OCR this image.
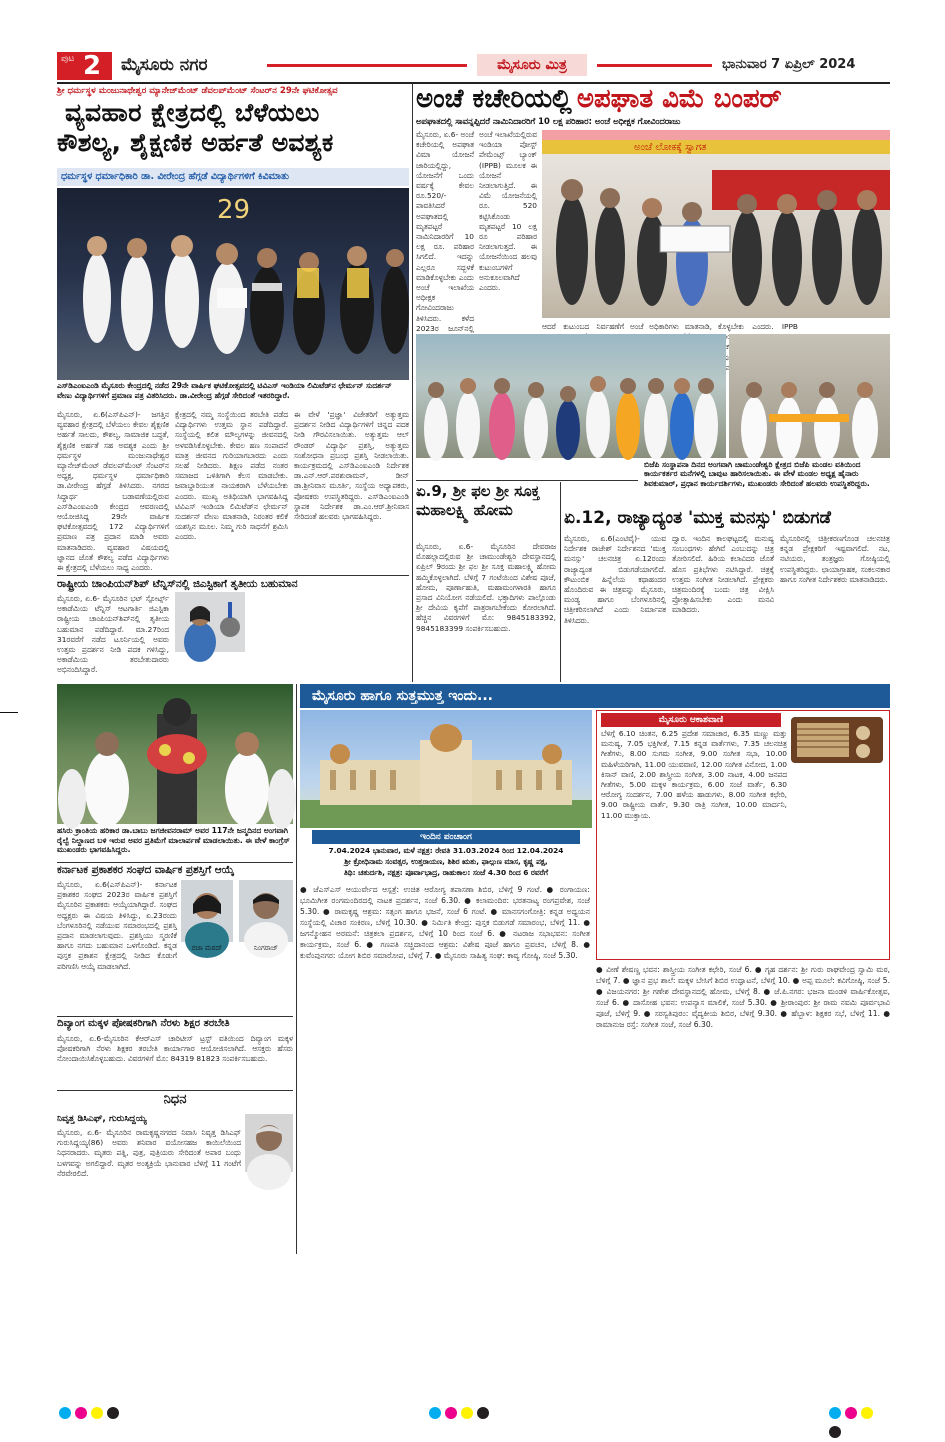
ಪುಟ 2 ಮೈಸೂರು ನಗರ	ಮೈಸೂರು ಮಿತ್ರ	ಭಾನುವಾರ 7 ಏಪ್ರಿಲ್ 2024
ಶ್ರೀ ಧರ್ಮಸ್ಥಳ ಮಂಜುನಾಥೇಶ್ವರ ಮ್ಯಾನೇಜ್‌ಮೆಂಟ್ ಡೆವಲಪ್‌ಮೆಂಟ್ ಸೆಂಟರ್‌ನ 29ನೇ ಘಟಿಕೋತ್ಸವ
ವ್ಯವಹಾರ ಕ್ಷೇತ್ರದಲ್ಲಿ ಬೆಳೆಯಲು
ಕೌಶಲ್ಯ, ಶೈಕ್ಷಣಿಕ ಅರ್ಹತೆ ಅವಶ್ಯಕ
ಧರ್ಮಸ್ಥಳ ಧರ್ಮಾಧಿಕಾರಿ ಡಾ. ವೀರೇಂದ್ರ ಹೆಗ್ಗಡೆ ವಿದ್ಯಾರ್ಥಿಗಳಿಗೆ ಕಿವಿಮಾತು
29
ಎಸ್‌ಡಿಎಂಐಎಂಡಿ ಮೈಸೂರು ಕೇಂದ್ರದಲ್ಲಿ ನಡೆದ 29ನೇ ವಾರ್ಷಿಕ ಘಟಿಕೋತ್ಸವದಲ್ಲಿ ಟಿವಿಎಸ್ ಇಂಡಿಯಾ ಲಿಮಿಟೆಡ್‌ನ ಛೇರ್ಮನ್ ಸುದರ್ಶನ್ ವೇಣು ವಿದ್ಯಾರ್ಥಿಗಳಿಗೆ ಪ್ರಮಾಣ ಪತ್ರ ವಿತರಿಸಿದರು. ಡಾ.ವೀರೇಂದ್ರ ಹೆಗ್ಗಡೆ ಸೇರಿದಂತೆ ಇತರರಿದ್ದಾರೆ.
ಮೈಸೂರು, ಏ.6(ಎಸ್‌ಪಿಎನ್)- ಜಗತ್ತಿನ ವ್ಯವಹಾರ ಕ್ಷೇತ್ರದಲ್ಲಿ ಬೆಳೆಯಲು ಕೇವಲ ಶೈಕ್ಷಣಿಕ ಅರ್ಹತೆ ಸಾಲದು, ಕೌಶಲ್ಯ, ಸಾಮಾಜಿಕ ಬದ್ಧತೆ, ಶೈಕ್ಷಣಿಕ ಅರ್ಹತೆ ಸಹ ಅವಶ್ಯಕ ಎಂದು ಶ್ರೀ ಧರ್ಮಸ್ಥಳ ಮಂಜುನಾಥೇಶ್ವರ ಮ್ಯಾನೇಜ್‌ಮೆಂಟ್ ಡೆವಲಪ್‌ಮೆಂಟ್ ಸೆಂಟರ್‌ನ ಅಧ್ಯಕ್ಷ, ಧರ್ಮಸ್ಥಳ ಧರ್ಮಾಧಿಕಾರಿ ಡಾ.ವೀರೇಂದ್ರ ಹೆಗ್ಗಡೆ ತಿಳಿಸಿದರು. ನಗರದ ಸಿದ್ದಾರ್ಥ ಬಡಾವಣೆಯಲ್ಲಿರುವ ಎಸ್‌ಡಿಎಂಐಎಂಡಿ ಕೇಂದ್ರದ ಆವರಣದಲ್ಲಿ ಆಯೋಜಿಸಿದ್ದ 29ನೇ ವಾರ್ಷಿಕ ಘಟಿಕೋತ್ಸವದಲ್ಲಿ 172 ವಿದ್ಯಾರ್ಥಿಗಳಿಗೆ ಪ್ರಮಾಣ ಪತ್ರ ಪ್ರದಾನ ಮಾಡಿ ಅವರು ಮಾತನಾಡಿದರು. ವ್ಯವಹಾರ ವಿಷಯದಲ್ಲಿ ಜ್ಞಾನದ ಜೊತೆ ಕೌಶಲ್ಯ ಪಡೆದ ವಿದ್ಯಾರ್ಥಿಗಳು ಈ ಕ್ಷೇತ್ರದಲ್ಲಿ ಬೆಳೆಯಲು ಸಾಧ್ಯ ಎಂದರು.
ಕ್ಷೇತ್ರದಲ್ಲಿ ನಮ್ಮ ಸಂಸ್ಥೆಯಿಂದ ತರಬೇತಿ ಪಡೆದ ವಿದ್ಯಾರ್ಥಿಗಳು ಉತ್ತಮ ಸ್ಥಾನ ಪಡೆದಿದ್ದಾರೆ. ಸಂಸ್ಥೆಯಲ್ಲಿ ಕಲಿತ ಮೌಲ್ಯಗಳನ್ನು ಜೀವನದಲ್ಲಿ ಅಳವಡಿಸಿಕೊಳ್ಳಬೇಕು. ಕೇವಲ ಹಣ ಸಂಪಾದನೆ ಮಾತ್ರ ಜೀವನದ ಗುರಿಯಾಗಬಾರದು ಎಂದು ಸಲಹೆ ನೀಡಿದರು. ಶಿಕ್ಷಣ ಪಡೆದ ನಂತರ ಸಮಾಜದ ಒಳಿತಿಗಾಗಿ ಕೆಲಸ ಮಾಡಬೇಕು. ಜವಾಬ್ದಾರಿಯುತ ನಾಯಕರಾಗಿ ಬೆಳೆಯಬೇಕು ಎಂದರು. ಮುಖ್ಯ ಅತಿಥಿಯಾಗಿ ಭಾಗವಹಿಸಿದ್ದ ಟಿವಿಎಸ್ ಇಂಡಿಯಾ ಲಿಮಿಟೆಡ್‌ನ ಛೇರ್ಮನ್ ಸುದರ್ಶನ್ ವೇಣು ಮಾತನಾಡಿ, ನಿರಂತರ ಕಲಿಕೆ ಯಶಸ್ಸಿನ ಮೂಲ. ನಿಮ್ಮ ಗುರಿ ಸಾಧನೆಗೆ ಶ್ರಮಿಸಿ ಎಂದರು.
ಈ ವೇಳೆ 'ಪ್ರಜ್ಞಾ' ವಿಜೇತರಿಗೆ ಅತ್ಯುತ್ತಮ ಪ್ರದರ್ಶನ ನೀಡಿದ ವಿದ್ಯಾರ್ಥಿಗಳಿಗೆ ಚಿನ್ನದ ಪದಕ ನೀಡಿ ಗೌರವಿಸಲಾಯಿತು. ಅತ್ಯುತ್ತಮ ಆಲ್ ರೌಂಡರ್ ವಿದ್ಯಾರ್ಥಿ ಪ್ರಶಸ್ತಿ, ಅತ್ಯುತ್ತಮ ಸಂಶೋಧನಾ ಪ್ರಬಂಧ ಪ್ರಶಸ್ತಿ ನೀಡಲಾಯಿತು. ಕಾರ್ಯಕ್ರಮದಲ್ಲಿ ಎಸ್‌ಡಿಎಂಐಎಂಡಿ ನಿರ್ದೇಶಕ ಡಾ.ಎನ್.ಆರ್.ಪರಶುರಾಮನ್, ಡೀನ್ ಡಾ.ಶ್ರೀನಿವಾಸ ಮೂರ್ತಿ, ಸಂಸ್ಥೆಯ ಅಧ್ಯಾಪಕರು, ಪೋಷಕರು ಉಪಸ್ಥಿತರಿದ್ದರು. ಎಸ್‌ಡಿಎಂಐಎಂಡಿ ಸ್ಥಾಪಕ ನಿರ್ದೇಶಕ ಡಾ.ಎಂ.ಆರ್.ಶ್ರೀನಿವಾಸ ಸೇರಿದಂತೆ ಹಲವರು ಭಾಗವಹಿಸಿದ್ದರು.
ಅಂಚೆ ಕಚೇರಿಯಲ್ಲಿ ಅಪಘಾತ ವಿಮೆ ಬಂಪರ್
ಅಪಘಾತದಲ್ಲಿ ಸಾವನ್ನಪ್ಪಿದರೆ ನಾಮಿನಿದಾರರಿಗೆ 10 ಲಕ್ಷ ಪರಿಹಾರ: ಅಂಚೆ ಅಧೀಕ್ಷಕ ಗೋವಿಂದರಾಜು
ಮೈಸೂರು, ಏ.6- ಅಂಚೆ ಕಚೇರಿಯಲ್ಲಿ ಅಪಘಾತ ವಿಮಾ ಯೋಜನೆ ಜಾರಿಯಲ್ಲಿದ್ದು, ಯೋಜನೆಗೆ ಒಂದು ವರ್ಷಕ್ಕೆ ಕೇವಲ ರೂ.520/- ಪಾವತಿಸಿದರೆ ಅಪಘಾತದಲ್ಲಿ ಮೃತಪಟ್ಟರೆ ನಾಮಿನಿದಾರರಿಗೆ 10 ಲಕ್ಷ ರೂ. ಪರಿಹಾರ ಸಿಗಲಿದೆ. ಇದನ್ನು ಎಲ್ಲರೂ ಸದ್ಬಳಕೆ ಮಾಡಿಕೊಳ್ಳಬೇಕು ಎಂದು ಅಂಚೆ ಇಲಾಖೆಯ ಅಧೀಕ್ಷಕ ಗೋವಿಂದರಾಜು ತಿಳಿಸಿದರು. ಕಳೆದ 2023ರ ಜೂನ್‌ನಲ್ಲಿ
ಅಂಚೆ ಇಲಾಖೆಯಲ್ಲಿರುವ ಇಂಡಿಯಾ ಪೋಸ್ಟ್ ಪೇಮೆಂಟ್ಸ್ ಬ್ಯಾಂಕ್ (IPPB) ಮೂಲಕ ಈ ಯೋಜನೆ ನೀಡಲಾಗುತ್ತಿದೆ. ಈ ವಿಮೆ ಯೋಜನೆಯಲ್ಲಿ ರೂ. 520 ಕಟ್ಟಿಸಿಕೊಂಡು ಮೃತಪಟ್ಟರೆ 10 ಲಕ್ಷ ರೂ ಪರಿಹಾರ ನೀಡಲಾಗುತ್ತದೆ. ಈ ಯೋಜನೆಯಿಂದ ಹಲವು ಕುಟುಂಬಗಳಿಗೆ ಅನುಕೂಲವಾಗಿದೆ ಎಂದರು.
ಅಂಚೆ ಲೋಕಕ್ಕೆ ಸ್ವಾಗತ
ಆದರೆ ಕುಟುಂಬದ ನಿರ್ವಹಣೆಗೆ ಅಂಚೆ ಅಧಿಕಾರಿಗಳು ಮಾತನಾಡಿ, ಕೊಳ್ಳಬೇಕು ಎಂದರು. IPPB ಹಿರಿಯ
ಬಿಜೆಪಿ ಸಂಸ್ಥಾಪನಾ ದಿನದ ಅಂಗವಾಗಿ ಚಾಮುಂಡೇಶ್ವರಿ ಕ್ಷೇತ್ರದ ಬಿಜೆಪಿ ಮಂಡಲ ವತಿಯಿಂದ ಕಾರ್ಯಕರ್ತರ ಮನೆಗಳಲ್ಲಿ ಬಾವುಟ ಹಾರಿಸಲಾಯಿತು. ಈ ವೇಳೆ ಮಂಡಲ ಅಧ್ಯಕ್ಷ ಹೈನಾರು ಶಿವಕುಮಾರ್, ಪ್ರಧಾನ ಕಾರ್ಯದರ್ಶಿಗಳು, ಮುಖಂಡರು ಸೇರಿದಂತೆ ಹಲವರು ಉಪಸ್ಥಿತರಿದ್ದರು.
ಏ.9, ಶ್ರೀ ಫಲ ಶ್ರೀ ಸೂಕ್ತ ಮಹಾಲಕ್ಷ್ಮಿ ಹೋಮ
ಮೈಸೂರು, ಏ.6- ಮೈಸೂರಿನ ದೇವರಾಜ ಮೊಹಲ್ಲಾದಲ್ಲಿರುವ ಶ್ರೀ ಚಾಮುಂಡೇಶ್ವರಿ ದೇವಸ್ಥಾನದಲ್ಲಿ ಏಪ್ರಿಲ್ 9ರಂದು ಶ್ರೀ ಫಲ ಶ್ರೀ ಸೂಕ್ತ ಮಹಾಲಕ್ಷ್ಮಿ ಹೋಮ ಹಮ್ಮಿಕೊಳ್ಳಲಾಗಿದೆ. ಬೆಳಿಗ್ಗೆ 7 ಗಂಟೆಯಿಂದ ವಿಶೇಷ ಪೂಜೆ, ಹೋಮ, ಪೂರ್ಣಾಹುತಿ, ಮಹಾಮಂಗಳಾರತಿ ಹಾಗೂ ಪ್ರಸಾದ ವಿನಿಯೋಗ ನಡೆಯಲಿದೆ. ಭಕ್ತಾದಿಗಳು ಪಾಲ್ಗೊಂಡು ಶ್ರೀ ದೇವಿಯ ಕೃಪೆಗೆ ಪಾತ್ರರಾಗಬೇಕೆಂದು ಕೋರಲಾಗಿದೆ. ಹೆಚ್ಚಿನ ವಿವರಗಳಿಗೆ ಮೊ: 9845183392, 9845183399 ಸಂಪರ್ಕಿಸಬಹುದು.
ಏ.12, ರಾಜ್ಯಾದ್ಯಂತ 'ಮುಕ್ತ ಮನಸ್ಸು' ಬಿಡುಗಡೆ
ಮೈಸೂರು, ಏ.6(ಎಂಟಿವೈ)- ಯುವ ನಿರ್ದೇಶಕ ರಾಜೇಶ್ ನಿರ್ದೇಶನದ 'ಮುಕ್ತ ಮನಸ್ಸು' ಚಲನಚಿತ್ರ ಏ.12ರಂದು ರಾಜ್ಯಾದ್ಯಂತ ಬಿಡುಗಡೆಯಾಗಲಿದೆ. ಕೌಟುಂಬಿಕ ಹಿನ್ನೆಲೆಯ ಕಥಾಹಂದರ ಹೊಂದಿರುವ ಈ ಚಿತ್ರವನ್ನು ಮೈಸೂರು, ಮಂಡ್ಯ ಹಾಗೂ ಬೆಂಗಳೂರಿನಲ್ಲಿ ಚಿತ್ರೀಕರಿಸಲಾಗಿದೆ ಎಂದು ನಿರ್ಮಾಪಕ ತಿಳಿಸಿದರು.
ದ್ವಾರ. ಇಂದಿನ ಕಾಲಘಟ್ಟದಲ್ಲಿ ಮನುಷ್ಯ ಸಂಬಂಧಗಳು ಹೇಗಿವೆ ಎಂಬುದನ್ನು ಚಿತ್ರ ತೋರಿಸಲಿದೆ. ಹಿರಿಯ ಕಲಾವಿದರ ಜೊತೆ ಹೊಸ ಪ್ರತಿಭೆಗಳು ನಟಿಸಿದ್ದಾರೆ. ಚಿತ್ರಕ್ಕೆ ಉತ್ತಮ ಸಂಗೀತ ನೀಡಲಾಗಿದೆ. ಪ್ರೇಕ್ಷಕರು ಚಿತ್ರಮಂದಿರಕ್ಕೆ ಬಂದು ಚಿತ್ರ ವೀಕ್ಷಿಸಿ ಪ್ರೋತ್ಸಾಹಿಸಬೇಕು ಎಂದು ಮನವಿ ಮಾಡಿದರು.
ಮೈಸೂರಿನಲ್ಲಿ ಚಿತ್ರೀಕರಣಗೊಂಡ ಚಲನಚಿತ್ರ ಕನ್ನಡ ಪ್ರೇಕ್ಷಕರಿಗೆ ಇಷ್ಟವಾಗಲಿದೆ. ನಟ, ನಟಿಯರು, ತಂತ್ರಜ್ಞರು ಗೋಷ್ಠಿಯಲ್ಲಿ ಉಪಸ್ಥಿತರಿದ್ದರು. ಛಾಯಾಗ್ರಾಹಕ, ಸಂಕಲನಕಾರ ಹಾಗೂ ಸಂಗೀತ ನಿರ್ದೇಶಕರು ಮಾತನಾಡಿದರು.
ರಾಷ್ಟ್ರೀಯ ಚಾಂಪಿಯನ್‌ಶಿಪ್ ಟೆನ್ನಿಸ್‌ನಲ್ಲಿ ಜಿಎಸ್ಟಿಕಾಗೆ ತೃತೀಯ ಬಹುಮಾನ
ಮೈಸೂರು, ಏ.6- ಮೈಸೂರಿನ ಭಟ್ ಸ್ಪೋರ್ಟ್ಸ್ ಅಕಾಡೆಮಿಯ ಟೆನ್ನಿಸ್ ಆಟಗಾರ್ತಿ ಜಿಎಸ್ಟಿಕಾ ರಾಷ್ಟ್ರೀಯ ಚಾಂಪಿಯನ್‌ಶಿಪ್‌ನಲ್ಲಿ ತೃತೀಯ ಬಹುಮಾನ ಪಡೆದಿದ್ದಾರೆ. ಮಾ.27ರಿಂದ 31ರವರೆಗೆ ನಡೆದ ಟೂರ್ನಿಯಲ್ಲಿ ಅವರು ಉತ್ತಮ ಪ್ರದರ್ಶನ ನೀಡಿ ಪದಕ ಗಳಿಸಿದ್ದು, ಅಕಾಡೆಮಿಯ ತರಬೇತುದಾರರು ಅಭಿನಂದಿಸಿದ್ದಾರೆ.
ಹಸಿರು ಕ್ರಾಂತಿಯ ಹರಿಕಾರ ಡಾ.ಬಾಬು ಜಗಜೀವನರಾಮ್ ಅವರ 117ನೇ ಜನ್ಮದಿನದ ಅಂಗವಾಗಿ ರೈಲ್ವೆ ನಿಲ್ದಾಣದ ಬಳಿ ಇರುವ ಅವರ ಪ್ರತಿಮೆಗೆ ಮಾಲಾರ್ಪಣೆ ಮಾಡಲಾಯಿತು. ಈ ವೇಳೆ ಕಾಂಗ್ರೆಸ್ ಮುಖಂಡರು ಭಾಗವಹಿಸಿದ್ದರು.
ಕರ್ನಾಟಕ ಪ್ರಕಾಶಕರ ಸಂಘದ ವಾರ್ಷಿಕ ಪ್ರಶಸ್ತಿಗೆ ಆಯ್ಕೆ
ಮೈಸೂರು, ಏ.6(ಎಸ್‌ಪಿಎನ್)- ಕರ್ನಾಟಕ ಪ್ರಕಾಶಕರ ಸಂಘದ 2023ರ ವಾರ್ಷಿಕ ಪ್ರಶಸ್ತಿಗೆ ಮೈಸೂರಿನ ಪ್ರಕಾಶಕರು ಆಯ್ಕೆಯಾಗಿದ್ದಾರೆ. ಸಂಘದ ಅಧ್ಯಕ್ಷರು ಈ ವಿಷಯ ತಿಳಿಸಿದ್ದು, ಏ.23ರಂದು ಬೆಂಗಳೂರಿನಲ್ಲಿ ನಡೆಯುವ ಸಮಾರಂಭದಲ್ಲಿ ಪ್ರಶಸ್ತಿ ಪ್ರದಾನ ಮಾಡಲಾಗುವುದು. ಪ್ರಶಸ್ತಿಯು ಸ್ಮರಣಿಕೆ ಹಾಗೂ ನಗದು ಬಹುಮಾನ ಒಳಗೊಂಡಿದೆ. ಕನ್ನಡ ಪುಸ್ತಕ ಪ್ರಕಾಶನ ಕ್ಷೇತ್ರದಲ್ಲಿ ನೀಡಿದ ಕೊಡುಗೆ ಪರಿಗಣಿಸಿ ಆಯ್ಕೆ ಮಾಡಲಾಗಿದೆ.
ರಜಾ ಮಠದ್	ನಿಂಗರಾಜ್
ದಿವ್ಯಾಂಗ ಮಕ್ಕಳ ಪೋಷಕರಿಗಾಗಿ ನೆರಳು ಶಿಕ್ಷರ ತರಬೇತಿ
ಮೈಸೂರು, ಏ.6-ಮೈಸೂರಿನ ಕೆಆರ್‌ಎಸ್ ಚಾರಿಟೀಸ್ ಟ್ರಸ್ಟ್ ವತಿಯಿಂದ ದಿವ್ಯಾಂಗ ಮಕ್ಕಳ ಪೋಷಕರಿಗಾಗಿ ನೆರಳು ಶಿಕ್ಷಕರ ತರಬೇತಿ ಕಾರ್ಯಾಗಾರ ಆಯೋಜಿಸಲಾಗಿದೆ. ಆಸಕ್ತರು ಹೆಸರು ನೋಂದಾಯಿಸಿಕೊಳ್ಳಬಹುದು. ವಿವರಗಳಿಗೆ ಮೊ: 84319 81823 ಸಂಪರ್ಕಿಸಬಹುದು.
ನಿಧನ
ನಿವೃತ್ತ ಡಿಸಿಎಫ್, ಗುರುಸಿದ್ದಯ್ಯ
ಮೈಸೂರು, ಏ.6- ಮೈಸೂರಿನ ರಾಮಕೃಷ್ಣನಗರದ ನಿವಾಸಿ ನಿವೃತ್ತ ಡಿಸಿಎಫ್ ಗುರುಸಿದ್ದಯ್ಯ(86) ಅವರು ಶನಿವಾರ ವಯೋಸಹಜ ಕಾಯಿಲೆಯಿಂದ ನಿಧನರಾದರು. ಮೃತರು ಪತ್ನಿ, ಪುತ್ರ, ಪುತ್ರಿಯರು ಸೇರಿದಂತೆ ಅಪಾರ ಬಂಧು ಬಳಗವನ್ನು ಅಗಲಿದ್ದಾರೆ. ಮೃತರ ಅಂತ್ಯಕ್ರಿಯೆ ಭಾನುವಾರ ಬೆಳಿಗ್ಗೆ 11 ಗಂಟೆಗೆ ನೆರವೇರಲಿದೆ.
ಮೈಸೂರು ಹಾಗೂ ಸುತ್ತಮುತ್ತ ಇಂದು...
ಇಂದಿನ ಪಂಚಾಂಗ
7.04.2024 ಭಾನುವಾರ, ಮಳೆ ನಕ್ಷತ್ರ: ರೇವತಿ 31.03.2024 ರಿಂದ 12.04.2024
ಶ್ರೀ ಕ್ರೋಧಿನಾಮ ಸಂವತ್ಸರ, ಉತ್ತರಾಯಣ, ಶಿಶಿರ ಋತು, ಫಾಲ್ಗುಣ ಮಾಸ, ಕೃಷ್ಣ ಪಕ್ಷ,
ತಿಥಿ: ಚತುರ್ದಶಿ, ನಕ್ಷತ್ರ: ಪೂರ್ವಾಭಾದ್ರ, ರಾಹುಕಾಲ: ಸಂಜೆ 4.30 ರಿಂದ 6 ರವರೆಗೆ
● ಜೆಎಸ್‌ಎಸ್ ಆಯುರ್ವೇದ ಆಸ್ಪತ್ರೆ: ಉಚಿತ ಆರೋಗ್ಯ ತಪಾಸಣಾ ಶಿಬಿರ, ಬೆಳಿಗ್ಗೆ 9 ಗಂಟೆ. ● ರಂಗಾಯಣ: ಭೂಮಿಗೀತ ರಂಗಮಂದಿರದಲ್ಲಿ ನಾಟಕ ಪ್ರದರ್ಶನ, ಸಂಜೆ 6.30. ● ಕಲಾಮಂದಿರ: ಭರತನಾಟ್ಯ ರಂಗಪ್ರವೇಶ, ಸಂಜೆ 5.30. ● ರಾಮಕೃಷ್ಣ ಆಶ್ರಮ: ಸತ್ಸಂಗ ಹಾಗೂ ಭಜನೆ, ಸಂಜೆ 6 ಗಂಟೆ. ● ಮಾನಸಗಂಗೋತ್ರಿ: ಕನ್ನಡ ಅಧ್ಯಯನ ಸಂಸ್ಥೆಯಲ್ಲಿ ವಿಚಾರ ಸಂಕಿರಣ, ಬೆಳಿಗ್ಗೆ 10.30. ● ನಿರ್ಮಿತಿ ಕೇಂದ್ರ: ಪುಸ್ತಕ ಬಿಡುಗಡೆ ಸಮಾರಂಭ, ಬೆಳಿಗ್ಗೆ 11. ● ಜಗನ್ಮೋಹನ ಅರಮನೆ: ಚಿತ್ರಕಲಾ ಪ್ರದರ್ಶನ, ಬೆಳಿಗ್ಗೆ 10 ರಿಂದ ಸಂಜೆ 6. ● ನಟರಾಜ ಸಭಾಭವನ: ಸಂಗೀತ ಕಾರ್ಯಕ್ರಮ, ಸಂಜೆ 6. ● ಗಣಪತಿ ಸಚ್ಚಿದಾನಂದ ಆಶ್ರಮ: ವಿಶೇಷ ಪೂಜೆ ಹಾಗೂ ಪ್ರವಚನ, ಬೆಳಿಗ್ಗೆ 8. ● ಕುವೆಂಪುನಗರ: ಯೋಗ ಶಿಬಿರ ಸಮಾರೋಪ, ಬೆಳಿಗ್ಗೆ 7. ● ಮೈಸೂರು ಸಾಹಿತ್ಯ ಸಂಘ: ಕಾವ್ಯ ಗೋಷ್ಠಿ, ಸಂಜೆ 5.30.
ಮೈಸೂರು ಆಕಾಶವಾಣಿ
ಬೆಳಿಗ್ಗೆ 6.10 ಚಿಂತನ, 6.25 ಪ್ರದೇಶ ಸಮಾಚಾರ, 6.35 ಮಣ್ಣು ಮತ್ತು ಮನುಷ್ಯ, 7.05 ಭಕ್ತಿಗೀತೆ, 7.15 ಕನ್ನಡ ವಾರ್ತೆಗಳು, 7.35 ಚಲನಚಿತ್ರ ಗೀತೆಗಳು, 8.00 ಸುಗಮ ಸಂಗೀತ, 9.00 ಸಂಗೀತ ಸಭಾ, 10.00 ಮಹಿಳೆಯರಿಗಾಗಿ, 11.00 ಯುವವಾಣಿ, 12.00 ಸಂಗೀತ ವಿನೋದ, 1.00 ಕಿಸಾನ್ ವಾಣಿ, 2.00 ಶಾಸ್ತ್ರೀಯ ಸಂಗೀತ, 3.00 ನಾಟಕ, 4.00 ಜನಪದ ಗೀತೆಗಳು, 5.00 ಮಕ್ಕಳ ಕಾರ್ಯಕ್ರಮ, 6.00 ಸಂಜೆ ವಾರ್ತೆ, 6.30 ಆರೋಗ್ಯ ಸಂದರ್ಶನ, 7.00 ಹಳೆಯ ಹಾಡುಗಳು, 8.00 ಸಂಗೀತ ಕಛೇರಿ, 9.00 ರಾಷ್ಟ್ರೀಯ ವಾರ್ತೆ, 9.30 ರಾತ್ರಿ ಸಂಗೀತ, 10.00 ಮಾರ್ದನಿ, 11.00 ಮುಕ್ತಾಯ.
● ವೀಣೆ ಶೇಷಣ್ಣ ಭವನ: ಶಾಸ್ತ್ರೀಯ ಸಂಗೀತ ಕಛೇರಿ, ಸಂಜೆ 6. ● ಗೃಹ ದರ್ಶನ: ಶ್ರೀ ಗುರು ರಾಘವೇಂದ್ರ ಸ್ವಾಮಿ ಮಠ, ಬೆಳಿಗ್ಗೆ 7. ● ಜ್ಞಾನ ಪ್ರಭ ಶಾಲೆ: ಮಕ್ಕಳ ಬೇಸಿಗೆ ಶಿಬಿರ ಉದ್ಘಾಟನೆ, ಬೆಳಿಗ್ಗೆ 10. ● ಅಪ್ಪ ಮೂಲೆ: ಕವಿಗೋಷ್ಠಿ, ಸಂಜೆ 5. ● ವಿಜಯನಗರ: ಶ್ರೀ ಗಣೇಶ ದೇವಸ್ಥಾನದಲ್ಲಿ ಹೋಮ, ಬೆಳಿಗ್ಗೆ 8. ● ಜೆ.ಪಿ.ನಗರ: ಭಜನಾ ಮಂಡಳಿ ವಾರ್ಷಿಕೋತ್ಸವ, ಸಂಜೆ 6. ● ದಾಸೋಹ ಭವನ: ಉಪನ್ಯಾಸ ಮಾಲಿಕೆ, ಸಂಜೆ 5.30. ● ಶ್ರೀರಾಂಪುರ: ಶ್ರೀ ರಾಮ ನವಮಿ ಪೂರ್ವಭಾವಿ ಪೂಜೆ, ಬೆಳಿಗ್ಗೆ 9. ● ಸರಸ್ವತಿಪುರಂ: ವೈದ್ಯಕೀಯ ಶಿಬಿರ, ಬೆಳಿಗ್ಗೆ 9.30. ● ಹೆಬ್ಬಾಳ: ಶಿಕ್ಷಕರ ಸಭೆ, ಬೆಳಿಗ್ಗೆ 11. ● ರಾಮಾನುಜ ರಸ್ತೆ: ಸಂಗೀತ ಸಂಜೆ, ಸಂಜೆ 6.30.
